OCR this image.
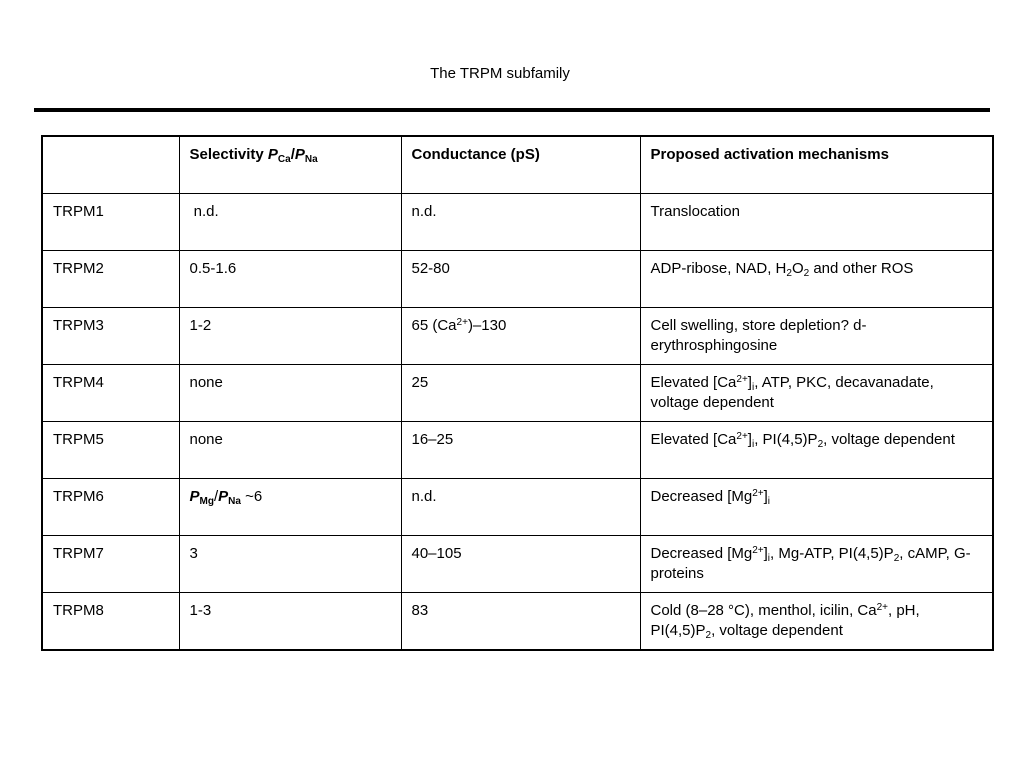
The TRPM subfamily
	Selectivity $P_{Ca}/P_{Na}$	Conductance (pS)	Proposed activation mechanisms
TRPM1	n.d.	n.d.	Translocation
TRPM2	0.5-1.6	52-80	ADP-ribose, NAD, $H_2O_2$ and other ROS
TRPM3	1-2	65 $(Ca^{2+})-130$	Cell swelling, store depletion? d-erythrosphingosine
TRPM4	none	25	Elevated $[Ca^{2+}]_i$, ATP, PKC, decavanadate, voltage dependent
TRPM5	none	16–25	Elevated $[Ca^{2+}]_i$, $PI(4,5)P_2$, voltage dependent
TRPM6	$P_{Mg}/P_{Na}$ ~6	n.d.	Decreased $[Mg^{2+}]_i$
TRPM7	3	40–105	Decreased $[Mg^{2+}]_i$, Mg-ATP, $PI(4,5)P_2$, cAMP, G-proteins
TRPM8	1-3	83	Cold (8–28 °C), menthol, icilin, $Ca^{2+}$, pH, $PI(4,5)P_2$, voltage dependent
